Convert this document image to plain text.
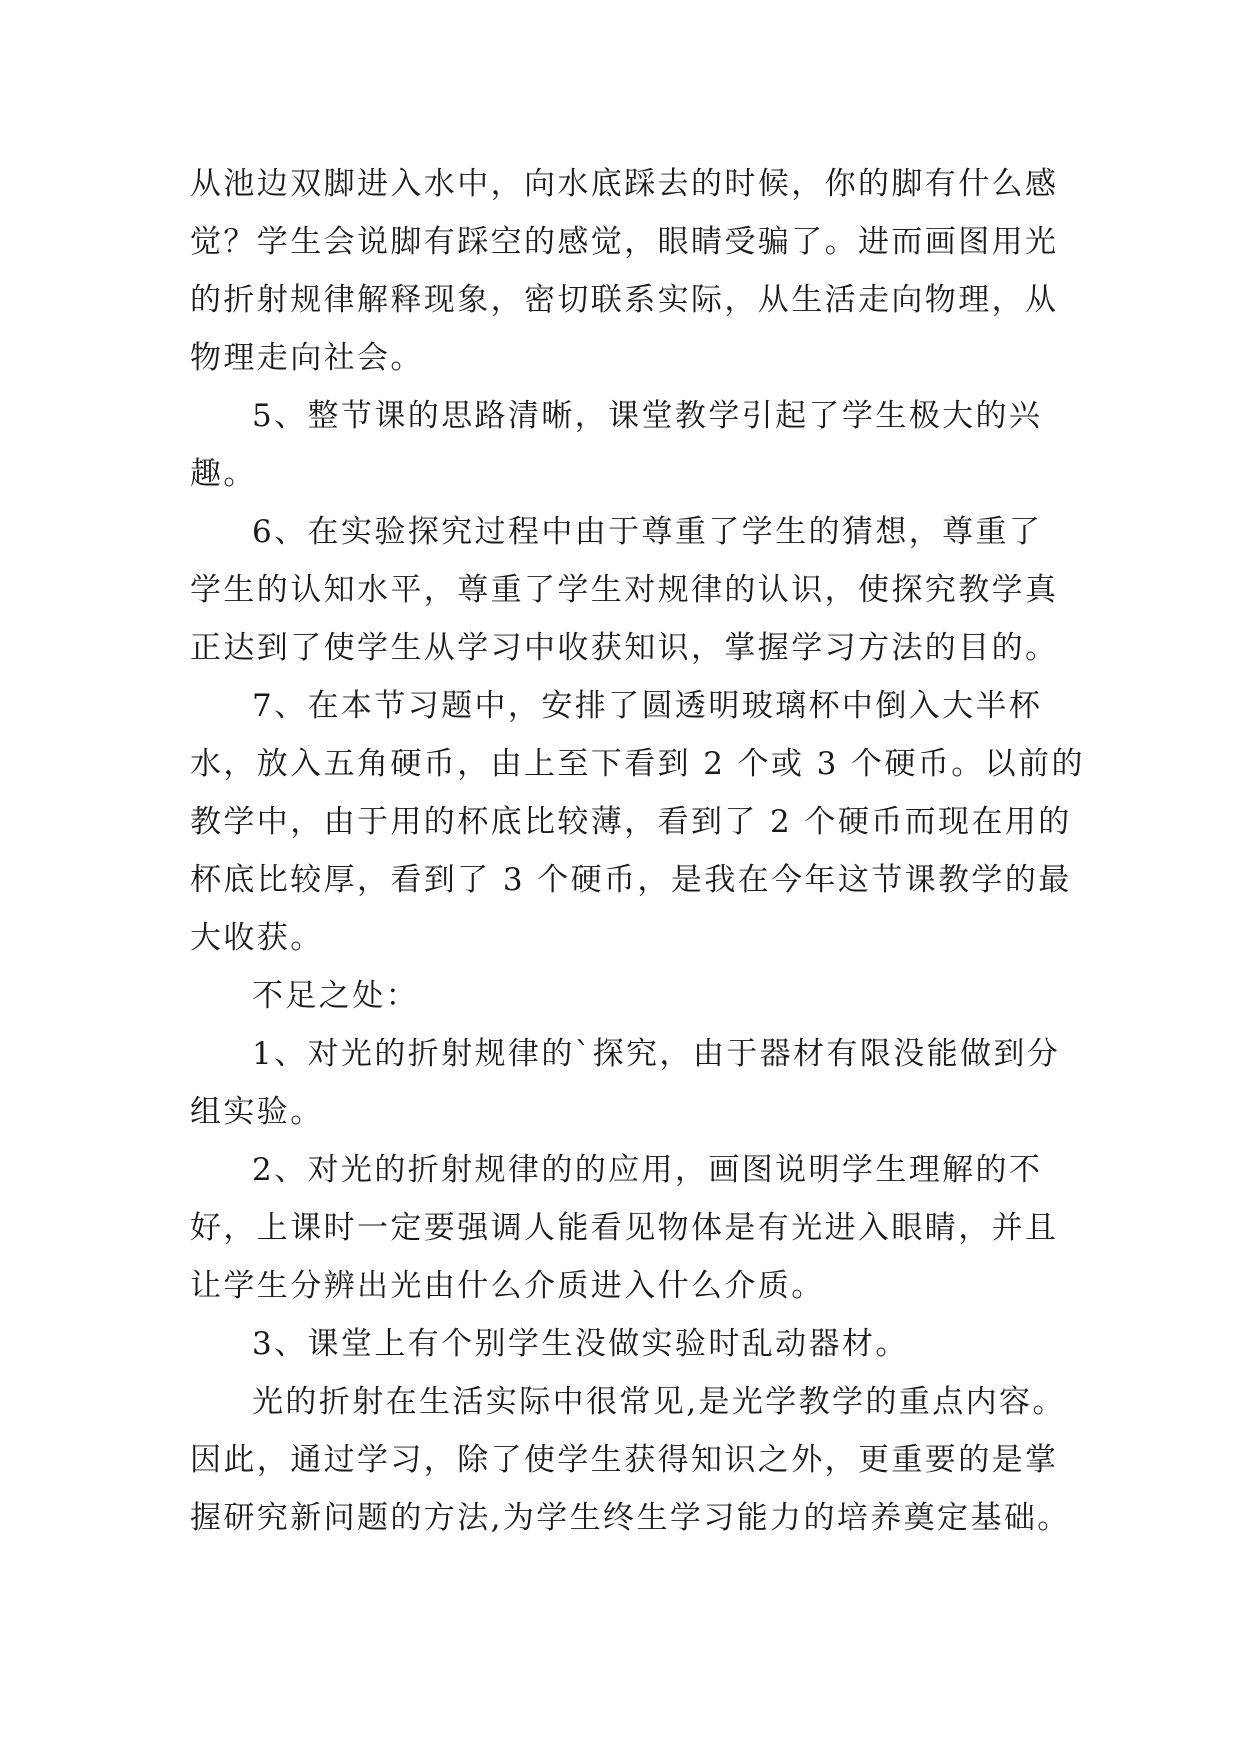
从池边双脚进入水中，向水底踩去的时候，你的脚有什么感
觉？学生会说脚有踩空的感觉，眼睛受骗了。进而画图用光
的折射规律解释现象，密切联系实际，从生活走向物理，从
物理走向社会。
5、整节课的思路清晰，课堂教学引起了学生极大的兴
趣。
6、在实验探究过程中由于尊重了学生的猜想，尊重了
学生的认知水平，尊重了学生对规律的认识，使探究教学真
正达到了使学生从学习中收获知识，掌握学习方法的目的。
7、在本节习题中，安排了圆透明玻璃杯中倒入大半杯
水，放入五角硬币，由上至下看到 2 个或 3 个硬币。以前的
教学中，由于用的杯底比较薄，看到了 2 个硬币而现在用的
杯底比较厚，看到了 3 个硬币，是我在今年这节课教学的最
大收获。
不足之处：
1、对光的折射规律的`探究，由于器材有限没能做到分
组实验。
2、对光的折射规律的的应用，画图说明学生理解的不
好，上课时一定要强调人能看见物体是有光进入眼睛，并且
让学生分辨出光由什么介质进入什么介质。
3、课堂上有个别学生没做实验时乱动器材。
光的折射在生活实际中很常见,是光学教学的重点内容。
因此，通过学习，除了使学生获得知识之外，更重要的是掌
握研究新问题的方法,为学生终生学习能力的培养奠定基础。
